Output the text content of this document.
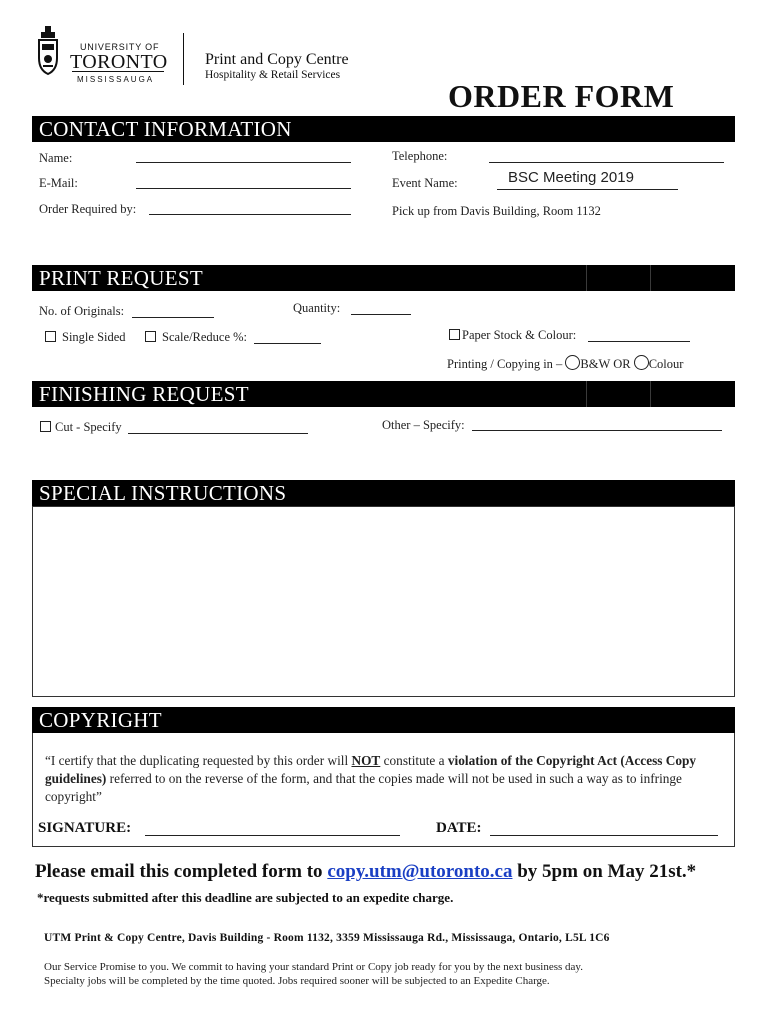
UNIVERSITY OF
TORONTO
MISSISSAUGA
Print and Copy Centre
Hospitality & Retail Services
ORDER FORM
CONTACT INFORMATION
Name:
E-Mail:
Order Required by:
Telephone:
Event Name:	BSC Meeting 2019
Pick up from Davis Building, Room 1132
PRINT REQUEST
No. of Originals:	Quantity:
Single Sided	Scale/Reduce %:	Paper Stock & Colour:
Printing / Copying in – B&W OR Colour
FINISHING REQUEST
Cut - Specify	Other – Specify:
SPECIAL INSTRUCTIONS
COPYRIGHT
“I certify that the duplicating requested by this order will NOT constitute a violation of the Copyright Act (Access Copy guidelines) referred to on the reverse of the form, and that the copies made will not be used in such a way as to infringe copyright”
SIGNATURE:	DATE:
Please email this completed form to copy.utm@utoronto.ca by 5pm on May 21st.*
*requests submitted after this deadline are subjected to an expedite charge.
UTM Print & Copy Centre, Davis Building - Room 1132, 3359 Mississauga Rd., Mississauga, Ontario, L5L 1C6
Our Service Promise to you. We commit to having your standard Print or Copy job ready for you by the next business day.
Specialty jobs will be completed by the time quoted. Jobs required sooner will be subjected to an Expedite Charge.
